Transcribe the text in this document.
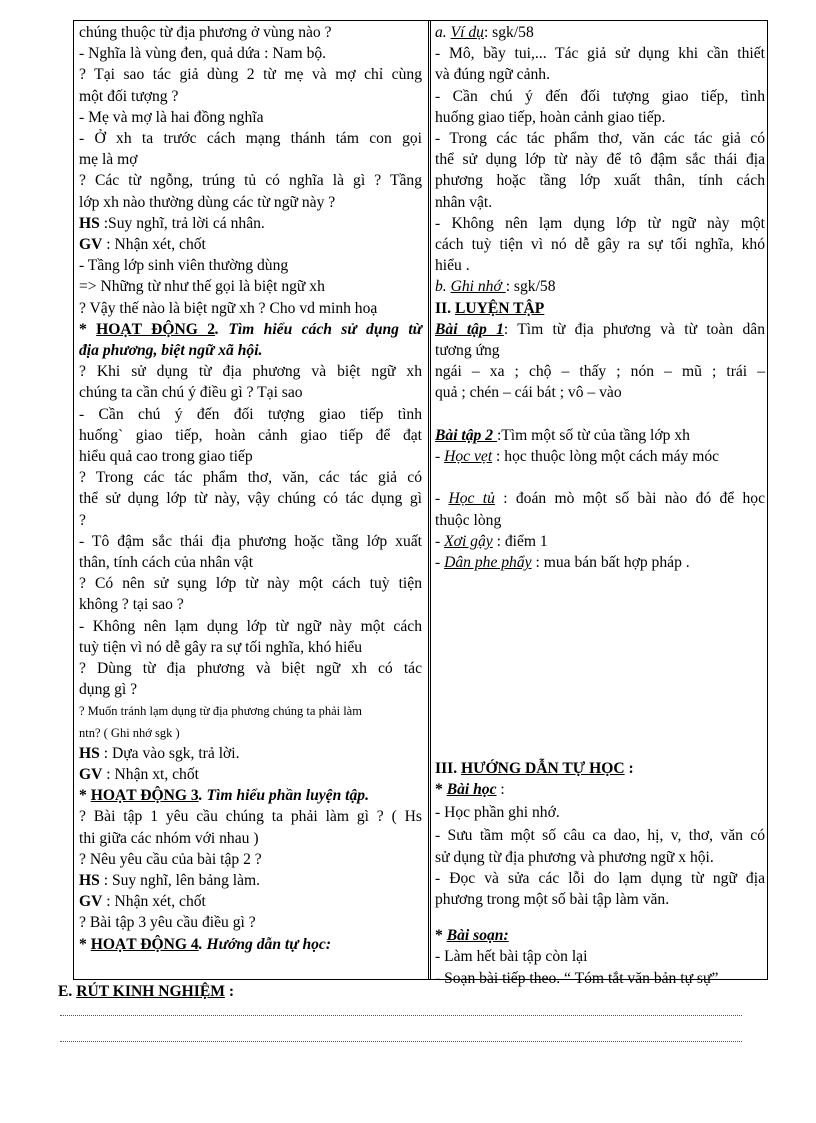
chúng thuộc từ địa phương ở vùng nào ?
- Nghĩa là vùng đen, quả dứa : Nam bộ.
? Tại sao tác giả dùng 2 từ mẹ và mợ chỉ cùng
một đối tượng ?
- Mẹ và mợ là hai đồng nghĩa
- Ở xh ta trước cách mạng thánh tám con gọi
mẹ là mợ
? Các từ ngỗng, trúng tủ có nghĩa là gì ? Tầng
lớp xh nào thường dùng các từ ngữ này ?
HS :Suy nghĩ, trả lời cá nhân.
GV : Nhận xét, chốt
- Tầng lớp sinh viên thường dùng
=> Những từ như thế gọi là biệt ngữ xh
? Vậy thế nào là biệt ngữ xh ? Cho vd minh hoạ
* HOẠT ĐỘNG 2. Tìm hiểu cách sử dụng từ
địa phương, biệt ngữ xã hội.
? Khi sử dụng từ địa phương và biệt ngữ xh
chúng ta cần chú ý điều gì ? Tại sao
- Cần chú ý đến đối tượng giao tiếp tình
huống` giao tiếp, hoàn cảnh giao tiếp để đạt
hiểu quả cao trong giao tiếp
? Trong các tác phẩm thơ, văn, các tác giả có
thể sử dụng lớp từ này, vậy chúng có tác dụng gì
?
- Tô đậm sắc thái địa phương hoặc tầng lớp xuất
thân, tính cách của nhân vật
? Có nên sử sụng lớp từ này một cách tuỳ tiện
không ? tại sao ?
- Không nên lạm dụng lớp từ ngữ này một cách
tuỳ tiện vì nó dễ gây ra sự tối nghĩa, khó hiểu
? Dùng từ địa phương và biệt ngữ xh có tác
dụng gì ?
? Muốn tránh lạm dụng từ địa phương chúng ta phải làm
ntn? ( Ghi nhớ sgk )
HS : Dựa vào sgk, trả lời.
GV : Nhận xt, chốt
* HOẠT ĐỘNG 3. Tìm hiểu phần luyện tập.
? Bài tập 1 yêu cầu chúng ta phải làm gì ? ( Hs
thi giữa các nhóm với nhau )
? Nêu yêu cầu của bài tập 2 ?
HS : Suy nghĩ, lên bảng làm.
GV : Nhận xét, chốt
? Bài tập 3 yêu cầu điều gì ?
* HOẠT ĐỘNG 4. Hướng dẫn tự học:
a. Ví dụ: sgk/58
- Mô, bầy tui,... Tác giả sử dụng khi cần thiết
và đúng ngữ cảnh.
- Cần chú ý đến đối tượng giao tiếp, tình
huống giao tiếp, hoàn cảnh giao tiếp.
- Trong các tác phẩm thơ, văn các tác giả có
thể sử dụng lớp từ này để tô đậm sắc thái địa
phương hoặc tầng lớp xuất thân, tính cách
nhân vật.
- Không nên lạm dụng lớp từ ngữ này một
cách tuỳ tiện vì nó dễ gây ra sự tối nghĩa, khó
hiểu .
b. Ghi nhớ : sgk/58
II. LUYỆN TẬP
Bài tập 1: Tìm từ địa phương và từ toàn dân
tương ứng
ngái – xa ; chộ – thấy ; nón – mũ ; trái –
quả ; chén – cái bát ; vô – vào
Bài tập 2 :Tìm một số từ của tầng lớp xh
- Học vẹt : học thuộc lòng một cách máy móc
- Học tủ : đoán mò một số bài nào đó để học
thuộc lòng
- Xơi gậy : điểm 1
- Dân phe phẩy : mua bán bất hợp pháp .
III. HƯỚNG DẪN TỰ HỌC :
* Bài học :
- Học phần ghi nhớ.
- Sưu tầm một số câu ca dao, hị, v, thơ, văn có
sử dụng từ địa phương và phương ngữ x hội.
- Đọc và sửa các lỗi do lạm dụng từ ngữ địa
phương trong một số bài tập làm văn.
* Bài soạn:
- Làm hết bài tập còn lại
- Soạn bài tiếp theo. “ Tóm tắt văn bản tự sự”
E. RÚT KINH NGHIỆM :
